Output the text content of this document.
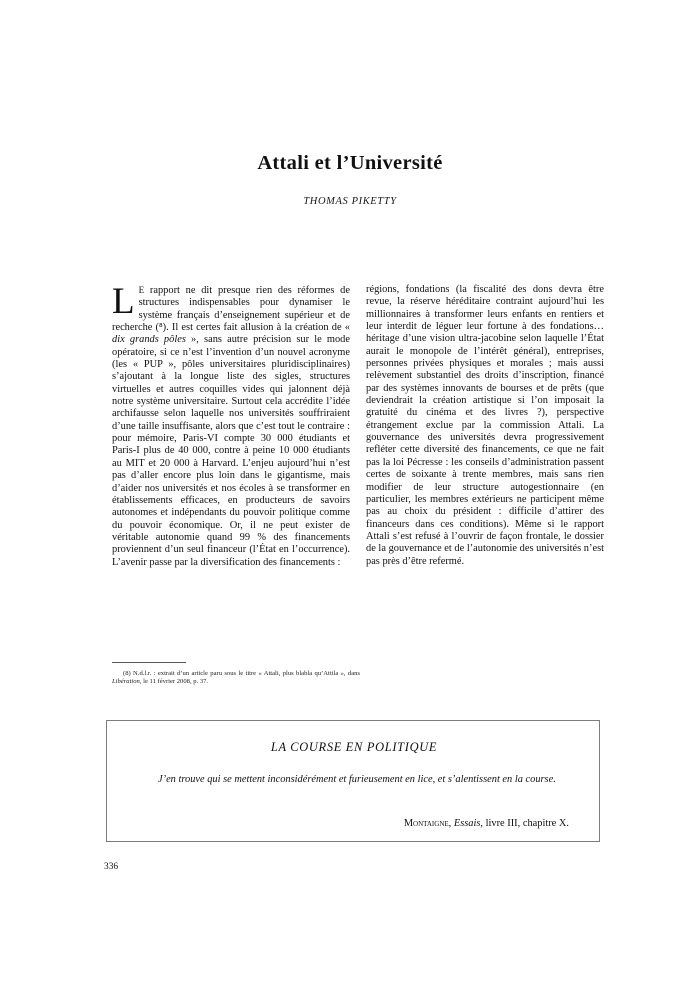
Attali et l’Université
THOMAS PIKETTY

L E rapport ne dit presque rien des réformes de structures indispensables pour dynamiser le système français d’enseignement supérieur et de recherche (⁸). Il est certes fait allusion à la création de « dix grands pôles », sans autre précision sur le mode opératoire, si ce n’est l’invention d’un nouvel acronyme (les « PUP », pôles universitaires pluridisciplinaires) s’ajoutant à la longue liste des sigles, structures virtuelles et autres coquilles vides qui jalonnent déjà notre système universitaire. Surtout cela accrédite l’idée archifausse selon laquelle nos universités souffriraient d’une taille insuffisante, alors que c’est tout le contraire : pour mémoire, Paris-VI compte 30 000 étudiants et Paris-I plus de 40 000, contre à peine 10 000 étudiants au MIT et 20 000 à Harvard. L’enjeu aujourd’hui n’est pas d’aller encore plus loin dans le gigantisme, mais d’aider nos universités et nos écoles à se transformer en établissements efficaces, en producteurs de savoirs autonomes et indépendants du pouvoir politique comme du pouvoir économique. Or, il ne peut exister de véritable autonomie quand 99 % des financements proviennent d’un seul financeur (l’État en l’occurrence). L’avenir passe par la diversification des financements :

régions, fondations (la fiscalité des dons devra être revue, la réserve héréditaire contraint aujourd’hui les millionnaires à transformer leurs enfants en rentiers et leur interdit de léguer leur fortune à des fondations… héritage d’une vision ultra-jacobine selon laquelle l’État aurait le monopole de l’intérêt général), entreprises, personnes privées physiques et morales ; mais aussi relèvement substantiel des droits d’inscription, financé par des systèmes innovants de bourses et de prêts (que deviendrait la création artistique si l’on imposait la gratuité du cinéma et des livres ?), perspective étrangement exclue par la commission Attali. La gouvernance des universités devra progressivement refléter cette diversité des financements, ce que ne fait pas la loi Pécresse : les conseils d’administration passent certes de soixante à trente membres, mais sans rien modifier de leur structure autogestionnaire (en particulier, les membres extérieurs ne participent même pas au choix du président : difficile d’attirer des financeurs dans ces conditions). Même si le rapport Attali s’est refusé à l’ouvrir de façon frontale, le dossier de la gouvernance et de l’autonomie des universités n’est pas près d’être refermé.

(8) N.d.l.r. : extrait d’un article paru sous le titre « Attali, plus blabla qu’Attila », dans Libération, le 11 février 2008, p. 37.
LA COURSE EN POLITIQUE
J’en trouve qui se mettent inconsidérément et furieusement en lice, et s’alentissent en la course.
Montaigne, Essais, livre III, chapitre X.
336
